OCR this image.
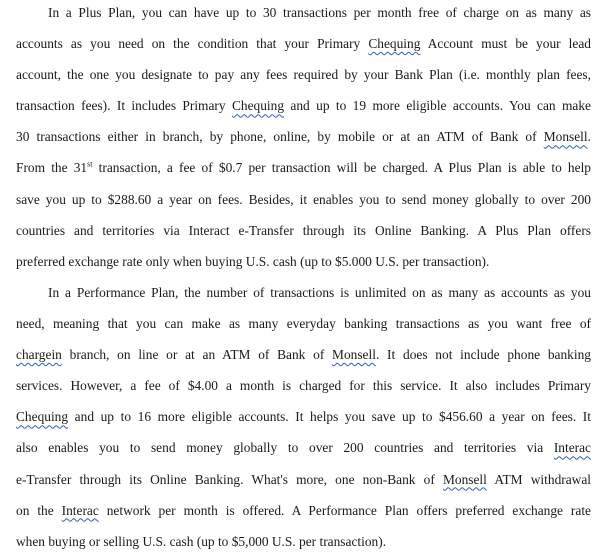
In a Plus Plan, you can have up to 30 transactions per month free of charge on as many as
accounts as you need on the condition that your Primary Chequing Account must be your lead
account, the one you designate to pay any fees required by your Bank Plan (i.e. monthly plan fees,
transaction fees). It includes Primary Chequing and up to 19 more eligible accounts. You can make
30 transactions either in branch, by phone, online, by mobile or at an ATM of Bank of Monsell.
From the 31st transaction, a fee of $0.7 per transaction will be charged. A Plus Plan is able to help
save you up to $288.60 a year on fees. Besides, it enables you to send money globally to over 200
countries and territories via Interact e-Transfer through its Online Banking. A Plus Plan offers
preferred exchange rate only when buying U.S. cash (up to $5.000 U.S. per transaction).
In a Performance Plan, the number of transactions is unlimited on as many as accounts as you
need, meaning that you can make as many everyday banking transactions as you want free of
chargein branch, on line or at an ATM of Bank of Monsell. It does not include phone banking
services. However, a fee of $4.00 a month is charged for this service. It also includes Primary
Chequing and up to 16 more eligible accounts. It helps you save up to $456.60 a year on fees. It
also enables you to send money globally to over 200 countries and territories via Interac
e-Transfer through its Online Banking. What's more, one non-Bank of Monsell ATM withdrawal
on the Interac network per month is offered. A Performance Plan offers preferred exchange rate
when buying or selling U.S. cash (up to $5,000 U.S. per transaction).
